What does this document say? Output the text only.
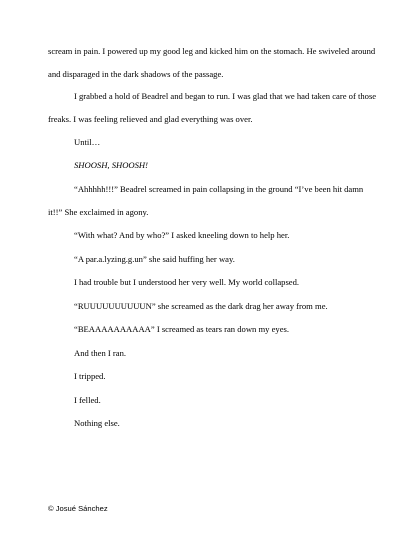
scream in pain. I powered up my good leg and kicked him on the stomach. He swiveled around and disparaged in the dark shadows of the passage.

I grabbed a hold of Beadrel and began to run. I was glad that we had taken care of those freaks. I was feeling relieved and glad everything was over.

Until…

SHOOSH, SHOOSH!

“Ahhhhh!!!” Beadrel screamed in pain collapsing in the ground “I’ve been hit damn it!!” She exclaimed in agony.

“With what? And by who?” I asked kneeling down to help her.

“A par.a.lyzing.g.un” she said huffing her way.

I had trouble but I understood her very well. My world collapsed.

“RUUUUUUUUUUN” she screamed as the dark drag her away from me.

“BEAAAAAAAAAA” I screamed as tears ran down my eyes.

And then I ran.

I tripped.

I felled.

Nothing else.

© Josué Sánchez
